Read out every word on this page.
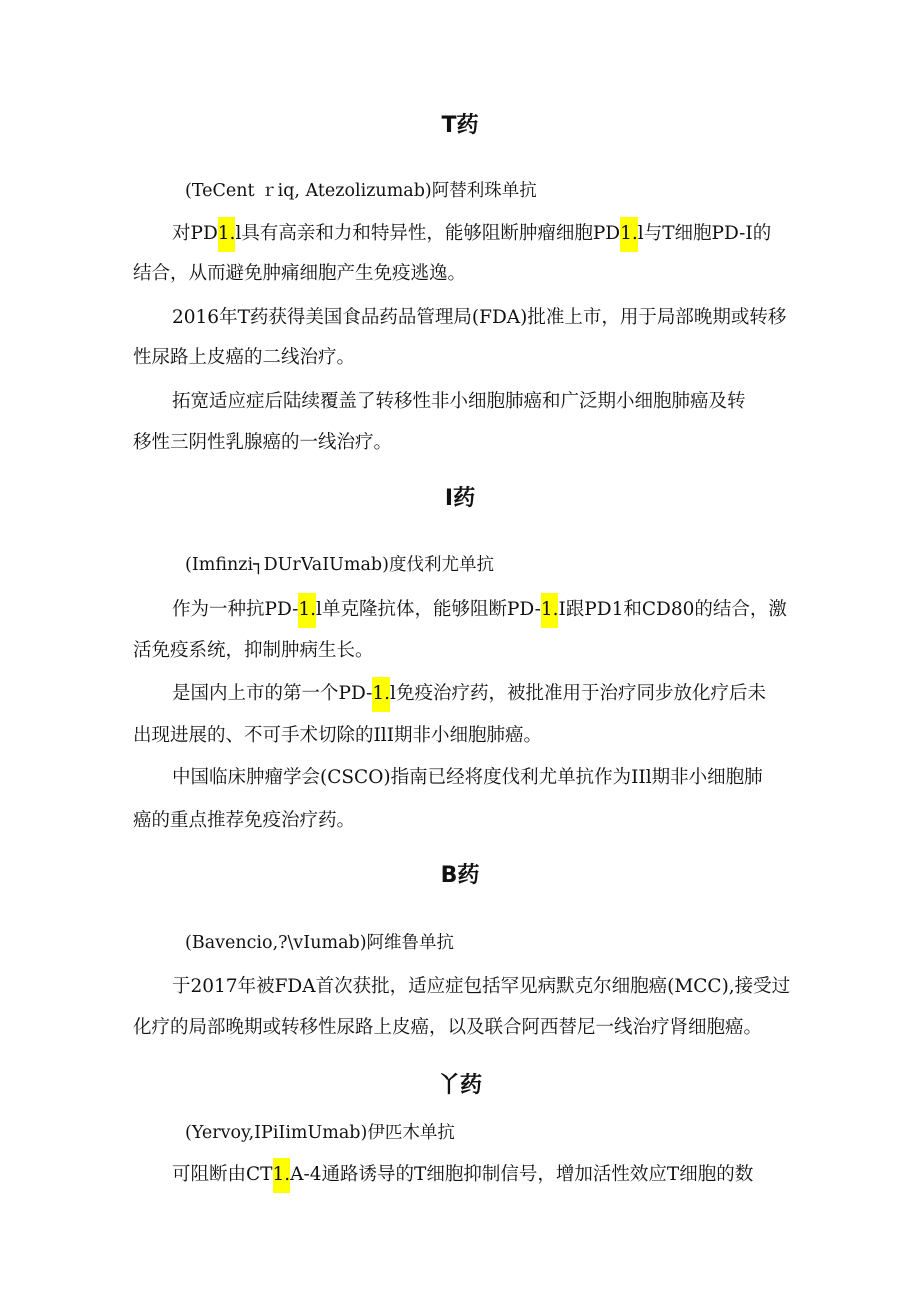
T药
(TeCent ｒiq, Atezolizumab)阿替利珠单抗
对PD1.l具有高亲和力和特异性，能够阻断肿瘤细胞PD1.l与T细胞PD-I的
结合，从而避免肿痛细胞产生免疫逃逸。
2016年T药获得美国食品药品管理局(FDA)批准上市，用于局部晚期或转移
性尿路上皮癌的二线治疗。
拓宽适应症后陆续覆盖了转移性非小细胞肺癌和广泛期小细胞肺癌及转
移性三阴性乳腺癌的一线治疗。
I药
(Imfinzi┐DUrVaIUmab)度伐利尤单抗
作为一种抗PD-1.l单克隆抗体，能够阻断PD-1.I跟PD1和CD80的结合，激
活免疫系统，抑制肿病生长。
是国内上市的第一个PD-1.l免疫治疗药，被批准用于治疗同步放化疗后未
出现进展的、不可手术切除的IlI期非小细胞肺癌。
中国临床肿瘤学会(CSCO)指南已经将度伐利尤单抗作为IIl期非小细胞肺
癌的重点推荐免疫治疗药。
B药
(Bavencio,?\vIumab)阿维鲁单抗
于2017年被FDA首次获批，适应症包括罕见病默克尔细胞癌(MCC),接受过
化疗的局部晚期或转移性尿路上皮癌，以及联合阿西替尼一线治疗肾细胞癌。
丫药
(Yervoy,IPiIimUmab)伊匹木单抗
可阻断由CT1.A-4通路诱导的T细胞抑制信号，增加活性效应T细胞的数
